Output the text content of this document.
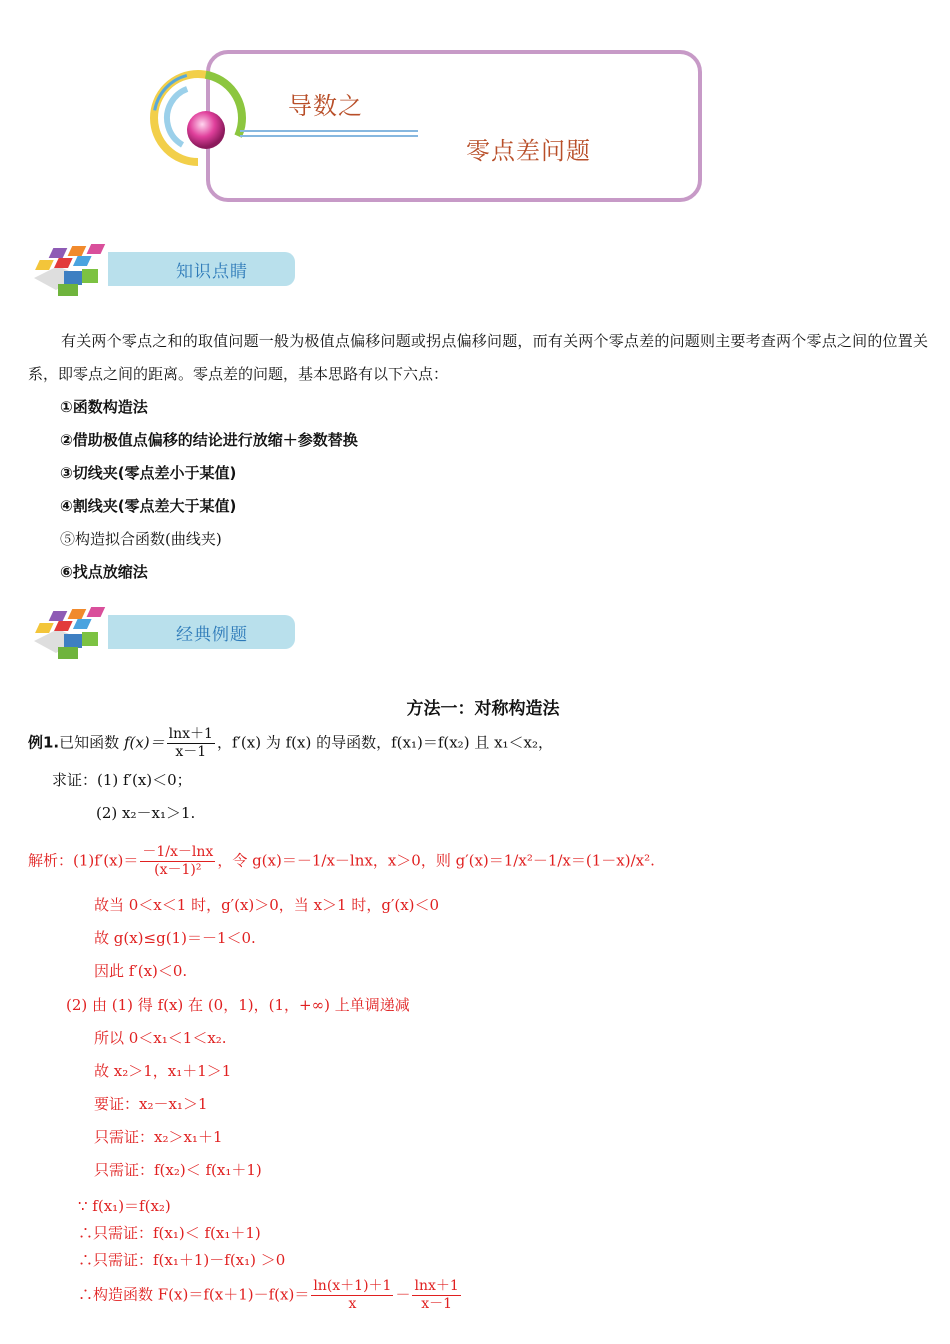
导数之
零点差问题
知识点睛

有关两个零点之和的取值问题一般为极值点偏移问题或拐点偏移问题，而有关两个零点差的问题则主要考查两个零点之间的位置关系，即零点之间的距离。零点差的问题，基本思路有以下六点：

①函数构造法
②借助极值点偏移的结论进行放缩＋参数替换
③切线夹(零点差小于某值)
④割线夹(零点差大于某值)
⑤构造拟合函数(曲线夹)
⑥找点放缩法
经典例题
方法一：对称构造法
例1.已知函数 $f(x)= \frac{\ln x+1}{x-1}$ ，f′(x) 为 f(x) 的导函数，f(x₁)＝f(x₂) 且 x₁＜x₂，
求证：(1) f′(x)＜0；
(2) x₂－x₁＞1.
解析：$(1)f'(x)= \frac{-1/x-\ln x}{\text{(x－1)²}}$ ，令 g(x)＝－1/x－lnx，x＞0，则 g′(x)＝1/x²－1/x＝(1－x)/x².
故当 0＜x＜1 时，g′(x)＞0，当 x＞1 时，g′(x)＜0
故 g(x)≤g(1)＝－1＜0.
因此 f′(x)＜0.
(2) 由 (1) 得 f(x) 在 (0，1)，(1，+∞) 上单调递减
所以 0＜x₁＜1＜x₂.
故 x₂＞1，x₁＋1＞1
要证：x₂－x₁＞1
只需证：x₂＞x₁＋1
只需证：f(x₂)＜ f(x₁＋1)
∵ f(x₁)＝f(x₂)
∴只需证：f(x₁)＜ f(x₁＋1)
∴只需证：f(x₁＋1)－f(x₁) ＞0
∴构造函数 $F(x)=f(x+1)-f(x)= \frac{\ln(x+1)+1}{x} - \frac{\ln x+1}{x-1}$
